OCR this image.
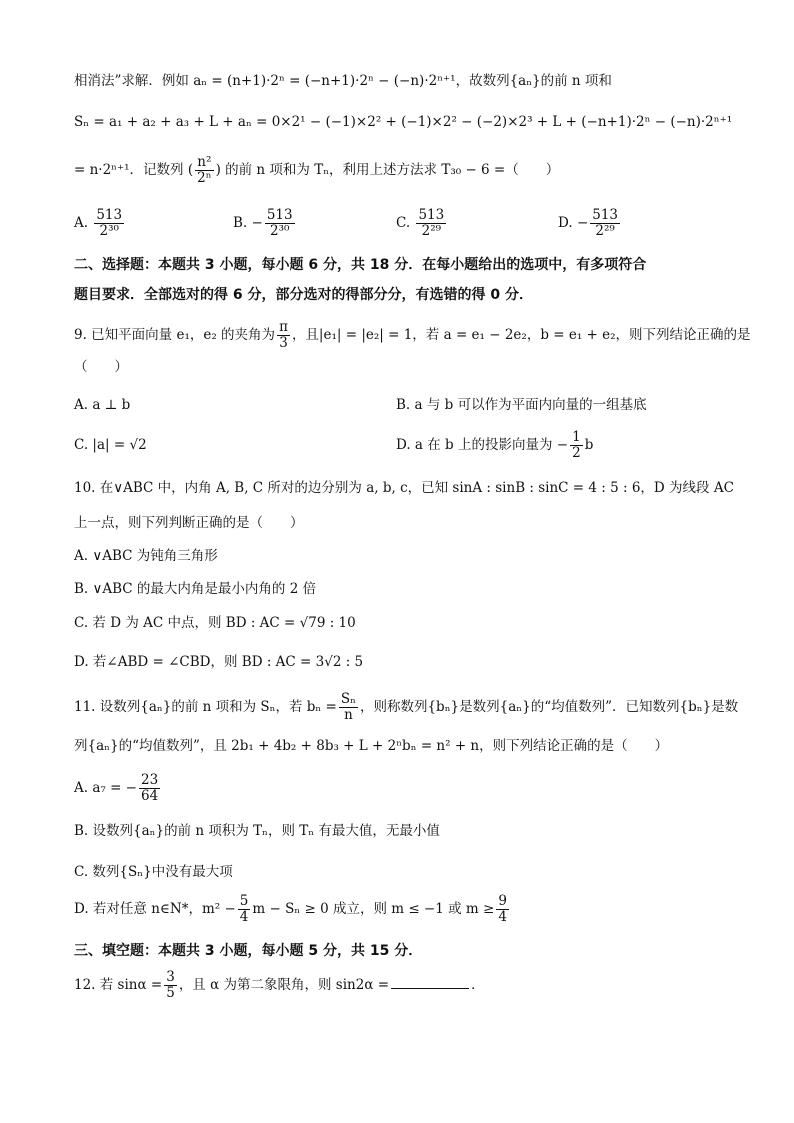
相消法”求解．例如 aₙ = (n+1)·2ⁿ = (−n+1)·2ⁿ − (−n)·2ⁿ⁺¹，故数列{aₙ}的前 n 项和
Sₙ = a₁ + a₂ + a₃ + L + aₙ = 0×2¹ − (−1)×2² + (−1)×2² − (−2)×2³ + L + (−n+1)·2ⁿ − (−n)·2ⁿ⁺¹
= n·2ⁿ⁺¹．记数列 ( $\frac{\text{n²}}{\text{2ⁿ}}$ ) 的前 n 项和为 Tₙ，利用上述方法求 T₃₀ − 6 =（　　）
A. $\frac{513}{\text{2³⁰}}$	B. − $\frac{513}{\text{2³⁰}}$	C. $\frac{513}{\text{2²⁹}}$	D. − $\frac{513}{\text{2²⁹}}$
二、选择题：本题共 3 小题，每小题 6 分，共 18 分．在每小题给出的选项中，有多项符合
题目要求．全部选对的得 6 分，部分选对的得部分分，有选错的得 0 分．
9. 已知平面向量 e₁，e₂ 的夹角为 $\frac{\pi}{3}$ ，且|e₁| = |e₂| = 1，若 a = e₁ − 2e₂，b = e₁ + e₂，则下列结论正确的是
（　　）
A. a ⊥ b	B. a 与 b 可以作为平面内向量的一组基底
C. |a| = √2	D. a 在 b 上的投影向量为 − $\frac{1}{2}$ b
10. 在∨ABC 中，内角 A, B, C 所对的边分别为 a, b, c，已知 sinA : sinB : sinC = 4 : 5 : 6，D 为线段 AC
上一点，则下列判断正确的是（　　）
A. ∨ABC 为钝角三角形
B. ∨ABC 的最大内角是最小内角的 2 倍
C. 若 D 为 AC 中点，则 BD : AC = √79 : 10
D. 若∠ABD = ∠CBD，则 BD : AC = 3√2 : 5
11. 设数列{aₙ}的前 n 项和为 Sₙ，若 $b_n = \frac{\text{Sₙ}}{n}$ ，则称数列{bₙ}是数列{aₙ}的“均值数列”．已知数列{bₙ}是数
列{aₙ}的“均值数列”，且 2b₁ + 4b₂ + 8b₃ + L + 2ⁿbₙ = n² + n，则下列结论正确的是（　　）
A. a₇ = − $\frac{23}{64}$
B. 设数列{aₙ}的前 n 项积为 Tₙ，则 Tₙ 有最大值，无最小值
C. 数列{Sₙ}中没有最大项
D. 若对任意 n∈N*，$m^2 - \frac{5}{4}$ m − Sₙ ≥ 0 成立，则 m ≤ −1 或 $m \ge \frac{9}{4}$
三、填空题：本题共 3 小题，每小题 5 分，共 15 分．
12. 若 $\sin\alpha = \frac{3}{5}$ ，且 α 为第二象限角，则 sin2α =	．
